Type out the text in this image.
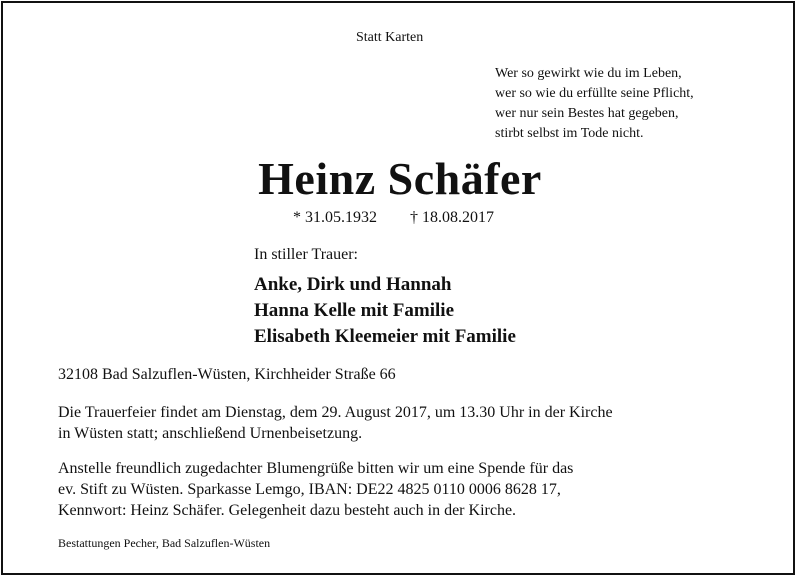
Statt Karten
Wer so gewirkt wie du im Leben,
wer so wie du erfüllte seine Pflicht,
wer nur sein Bestes hat gegeben,
stirbt selbst im Tode nicht.
Heinz Schäfer
* 31.05.1932 † 18.08.2017
In stiller Trauer:
Anke, Dirk und Hannah
Hanna Kelle mit Familie
Elisabeth Kleemeier mit Familie
32108 Bad Salzuflen-Wüsten, Kirchheider Straße 66
Die Trauerfeier findet am Dienstag, dem 29. August 2017, um 13.30 Uhr in der Kirche
in Wüsten statt; anschließend Urnenbeisetzung.
Anstelle freundlich zugedachter Blumengrüße bitten wir um eine Spende für das
ev. Stift zu Wüsten. Sparkasse Lemgo, IBAN: DE22 4825 0110 0006 8628 17,
Kennwort: Heinz Schäfer. Gelegenheit dazu besteht auch in der Kirche.
Bestattungen Pecher, Bad Salzuflen-Wüsten
